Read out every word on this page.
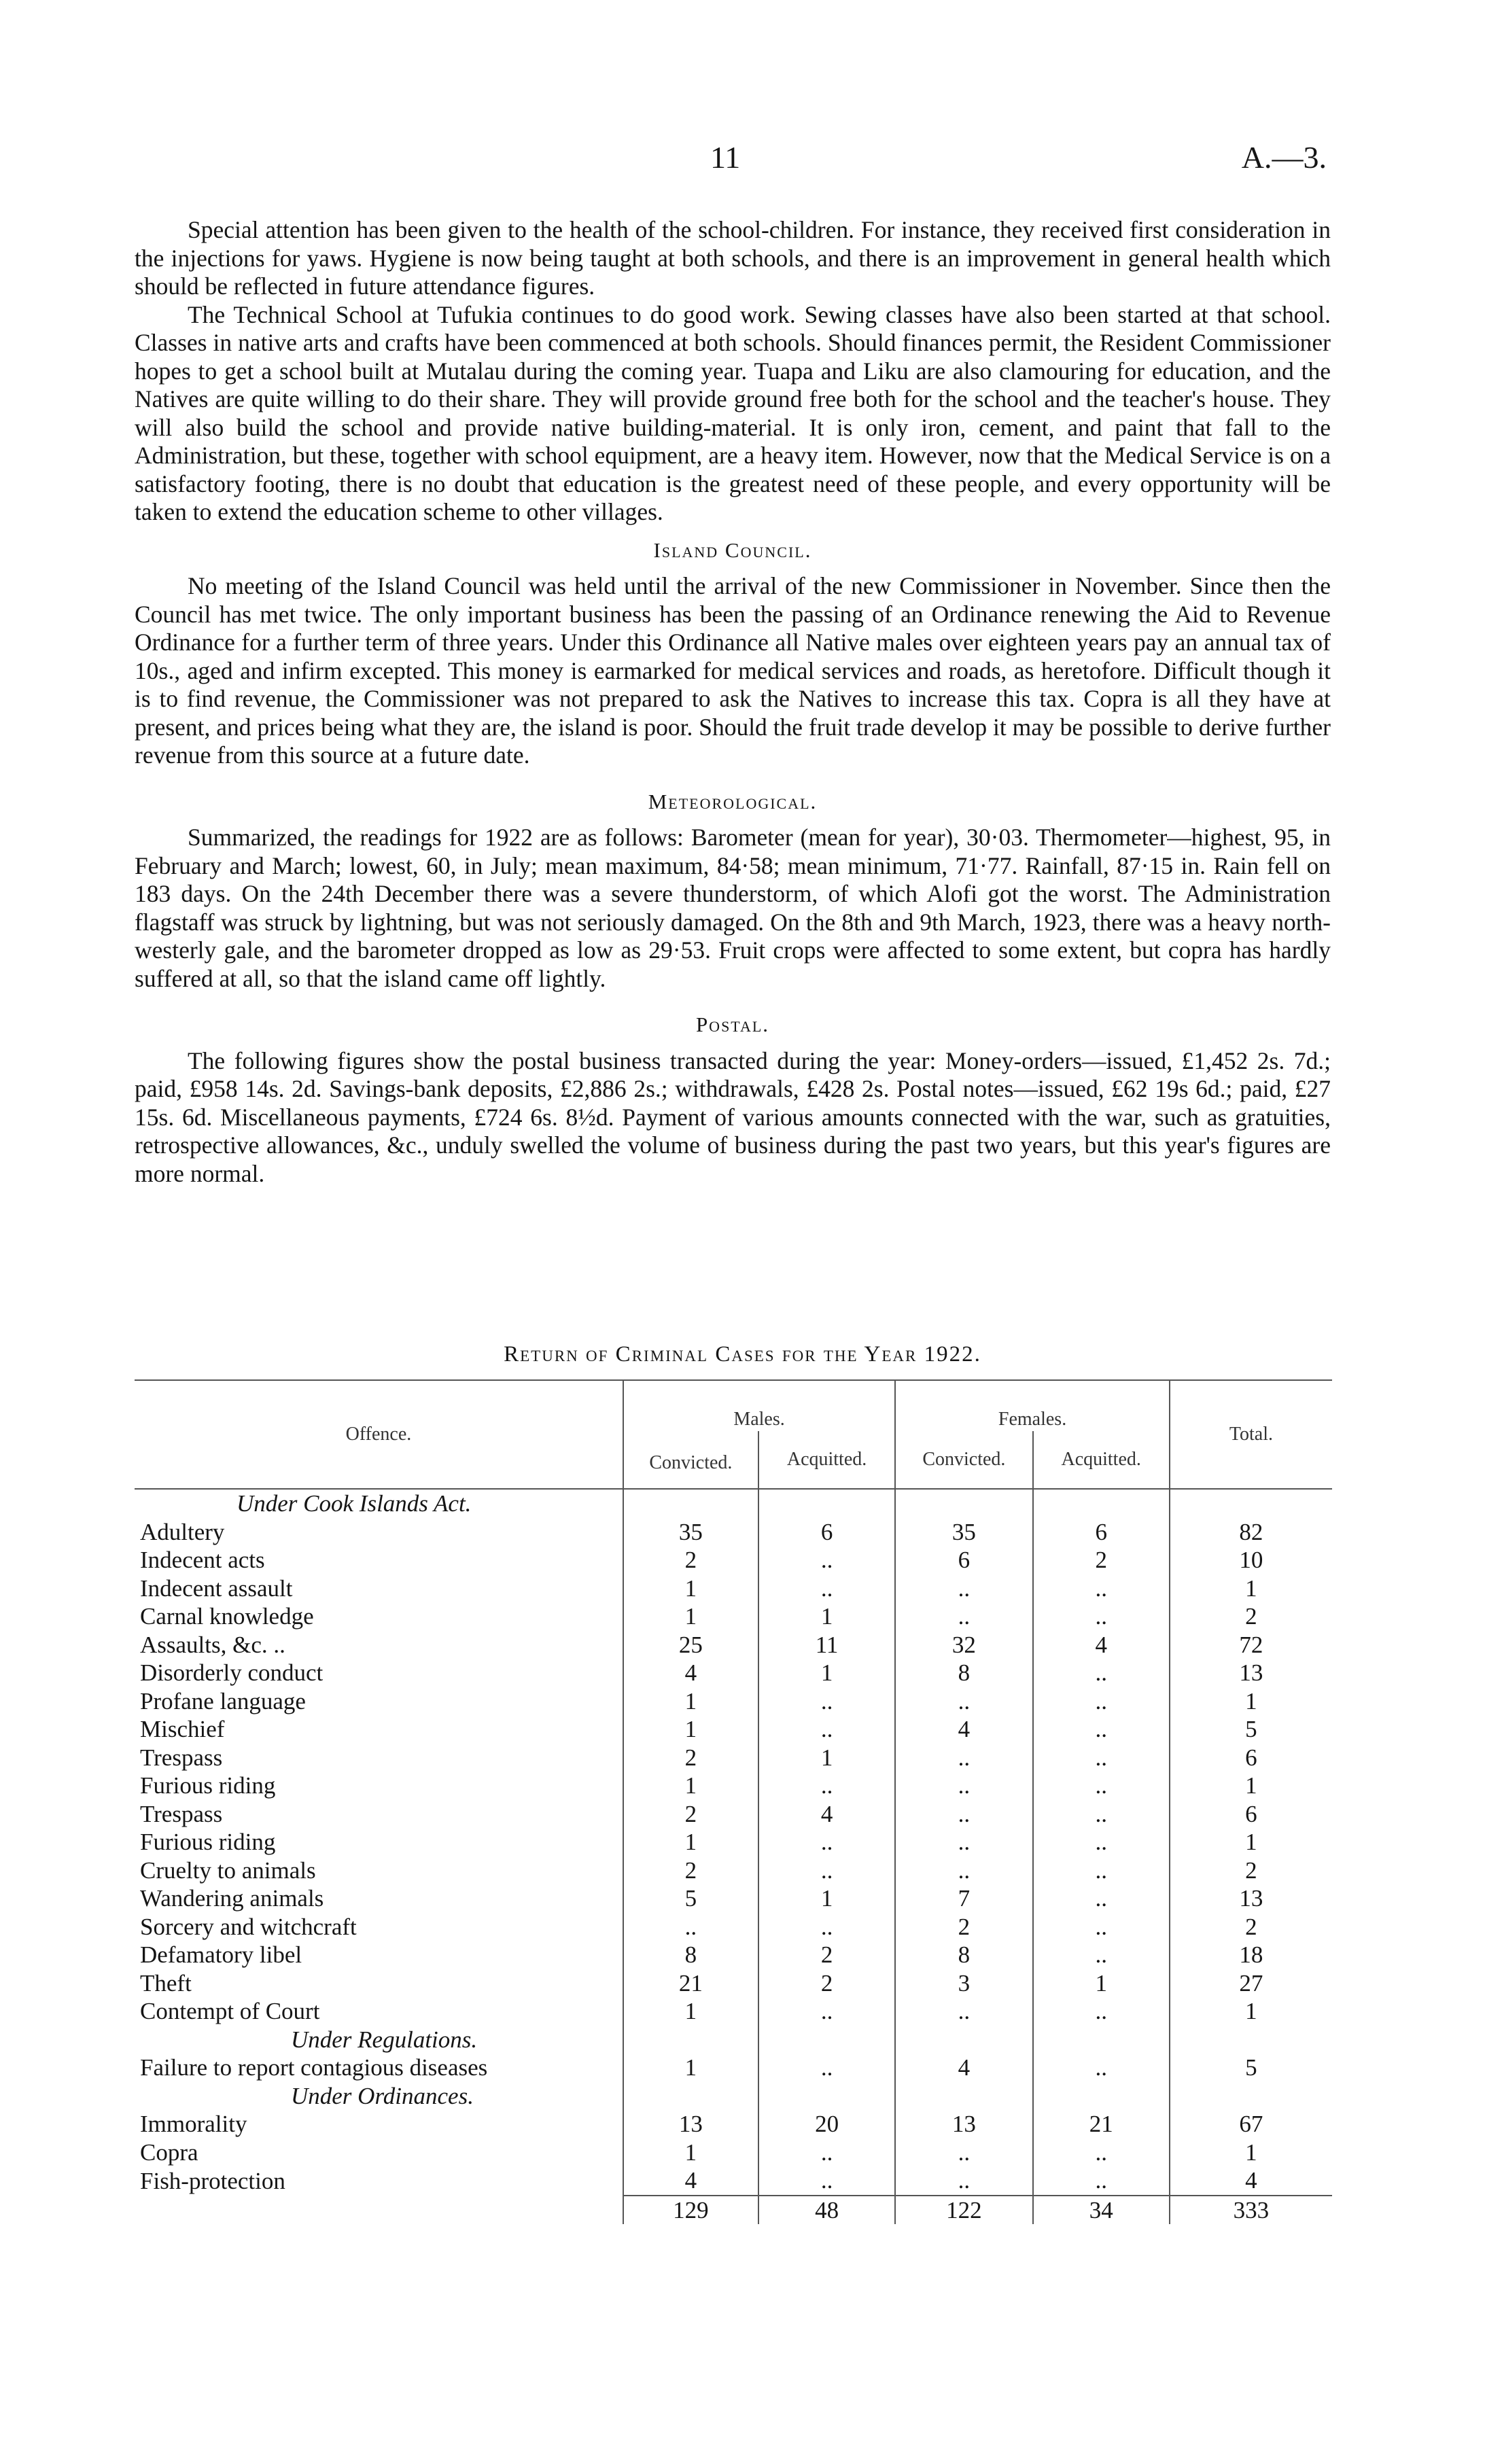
11	A.—3.

Special attention has been given to the health of the school-children. For instance, they received first consideration in the injections for yaws. Hygiene is now being taught at both schools, and there is an improvement in general health which should be reflected in future attendance figures.

The Technical School at Tufukia continues to do good work. Sewing classes have also been started at that school. Classes in native arts and crafts have been commenced at both schools. Should finances permit, the Resident Commissioner hopes to get a school built at Mutalau during the coming year. Tuapa and Liku are also clamouring for education, and the Natives are quite willing to do their share. They will provide ground free both for the school and the teacher's house. They will also build the school and provide native building-material. It is only iron, cement, and paint that fall to the Administration, but these, together with school equipment, are a heavy item. However, now that the Medical Service is on a satisfactory footing, there is no doubt that education is the greatest need of these people, and every opportunity will be taken to extend the education scheme to other villages.

Island Council.

No meeting of the Island Council was held until the arrival of the new Commissioner in November. Since then the Council has met twice. The only important business has been the passing of an Ordinance renewing the Aid to Revenue Ordinance for a further term of three years. Under this Ordinance all Native males over eighteen years pay an annual tax of 10s., aged and infirm excepted. This money is earmarked for medical services and roads, as heretofore. Difficult though it is to find revenue, the Commissioner was not prepared to ask the Natives to increase this tax. Copra is all they have at present, and prices being what they are, the island is poor. Should the fruit trade develop it may be possible to derive further revenue from this source at a future date.

Meteorological.

Summarized, the readings for 1922 are as follows: Barometer (mean for year), 30·03. Thermometer—highest, 95, in February and March; lowest, 60, in July; mean maximum, 84·58; mean minimum, 71·77. Rainfall, 87·15 in. Rain fell on 183 days. On the 24th December there was a severe thunderstorm, of which Alofi got the worst. The Administration flagstaff was struck by lightning, but was not seriously damaged. On the 8th and 9th March, 1923, there was a heavy north-westerly gale, and the barometer dropped as low as 29·53. Fruit crops were affected to some extent, but copra has hardly suffered at all, so that the island came off lightly.

Postal.

The following figures show the postal business transacted during the year: Money-orders—issued, £1,452 2s. 7d.; paid, £958 14s. 2d. Savings-bank deposits, £2,886 2s.; withdrawals, £428 2s. Postal notes—issued, £62 19s 6d.; paid, £27 15s. 6d. Miscellaneous payments, £724 6s. 8½d. Payment of various amounts connected with the war, such as gratuities, retrospective allowances, &c., unduly swelled the volume of business during the past two years, but this year's figures are more normal.

Return of Criminal Cases for the Year 1922.
Offence.	Males.		Females.		Total.
	Convicted.	Acquitted.	Convicted.	Acquitted.	
Under Cook Islands Act.					
Adultery	35	6	35	6	82
Indecent acts	2	..	6	2	10
Indecent assault	1	..	..	..	1
Carnal knowledge	1	1	..	..	2
Assaults, &c. ..	25	11	32	4	72
Disorderly conduct	4	1	8	..	13
Profane language	1	..	..	..	1
Mischief	1	..	4	..	5
Trespass	2	1	..	..	6
Furious riding	1	..	..	..	1
Trespass	2	4	..	..	6
Furious riding	1	..	..	..	1
Cruelty to animals	2	..	..	..	2
Wandering animals	5	1	7	..	13
Sorcery and witchcraft	..	..	2	..	2
Defamatory libel	8	2	8	..	18
Theft	21	2	3	1	27
Contempt of Court	1	..	..	..	1
Under Regulations.					
Failure to report contagious diseases	1	..	4	..	5
Under Ordinances.					
Immorality	13	20	13	21	67
Copra	1	..	..	..	1
Fish-protection	4	..	..	..	4
	129	48	122	34	333
